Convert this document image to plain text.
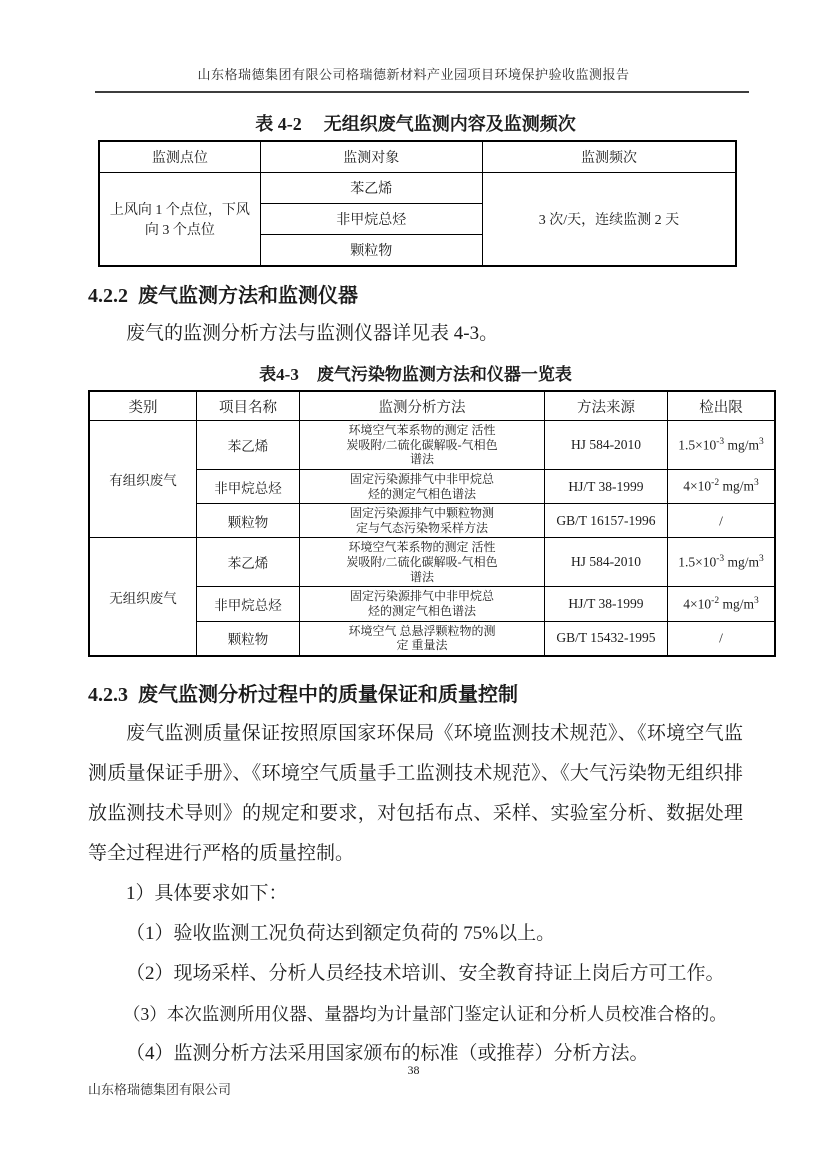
山东格瑞德集团有限公司格瑞德新材料产业园项目环境保护验收监测报告
表 4-2 无组织废气监测内容及监测频次
监测点位	监测对象	监测频次
上风向 1 个点位，下风向 3 个点位	苯乙烯	3 次/天，连续监测 2 天
	非甲烷总烃	
	颗粒物	
4.2.2 废气监测方法和监测仪器

废气的监测分析方法与监测仪器详见表 4-3。

表4-3 废气污染物监测方法和仪器一览表
类别	项目名称	监测分析方法	方法来源	检出限
有组织废气	苯乙烯	环境空气苯系物的测定 活性炭吸附/二硫化碳解吸-气相色谱法	HJ 584-2010	$1.5\times 10^{-3}$ $mg/m^3$
	非甲烷总烃	固定污染源排气中非甲烷总烃的测定气相色谱法	HJ/T 38-1999	$4\times 10^{-2}$ $mg/m^3$
	颗粒物	固定污染源排气中颗粒物测定与气态污染物采样方法	GB/T 16157-1996	/
无组织废气	苯乙烯	环境空气苯系物的测定 活性炭吸附/二硫化碳解吸-气相色谱法	HJ 584-2010	$1.5\times 10^{-3}$ $mg/m^3$
	非甲烷总烃	固定污染源排气中非甲烷总烃的测定气相色谱法	HJ/T 38-1999	$4\times 10^{-2}$ $mg/m^3$
	颗粒物	环境空气 总悬浮颗粒物的测定 重量法	GB/T 15432-1995	/
4.2.3 废气监测分析过程中的质量保证和质量控制

废气监测质量保证按照原国家环保局《环境监测技术规范》、《环境空气监测质量保证手册》、《环境空气质量手工监测技术规范》、《大气污染物无组织排放监测技术导则》的规定和要求，对包括布点、采样、实验室分析、数据处理等全过程进行严格的质量控制。

1）具体要求如下：

（1）验收监测工况负荷达到额定负荷的 75%以上。

（2）现场采样、分析人员经技术培训、安全教育持证上岗后方可工作。

（3）本次监测所用仪器、量器均为计量部门鉴定认证和分析人员校准合格的。

（4）监测分析方法采用国家颁布的标准（或推荐）分析方法。

38
山东格瑞德集团有限公司
